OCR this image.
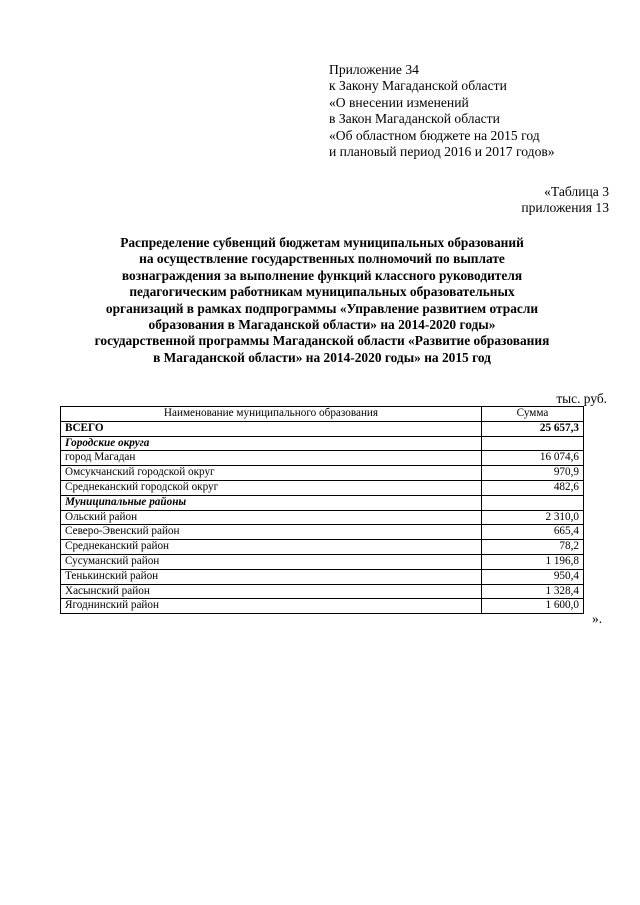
Приложение 34
к Закону Магаданской области
«О внесении изменений
в Закон Магаданской области
«Об областном бюджете на 2015 год
и плановый период 2016 и 2017 годов»
«Таблица 3
приложения 13
Распределение субвенций бюджетам муниципальных образований
на осуществление государственных полномочий по выплате
вознаграждения за выполнение функций классного руководителя
педагогическим работникам муниципальных образовательных
организаций в рамках подпрограммы «Управление развитием отрасли
образования в Магаданской области» на 2014-2020 годы»
государственной программы Магаданской области «Развитие образования
в Магаданской области» на 2014-2020 годы» на 2015 год
тыс. руб.
Наименование муниципального образования	Сумма
ВСЕГО	25 657,3
Городские округа	
город Магадан	16 074,6
Омсукчанский городской округ	970,9
Среднеканский городской округ	482,6
Муниципальные районы	
Ольский район	2 310,0
Северо-Эвенский район	665,4
Среднеканский район	78,2
Сусуманский район	1 196,8
Тенькинский район	950,4
Хасынский район	1 328,4
Ягоднинский район	1 600,0
».
